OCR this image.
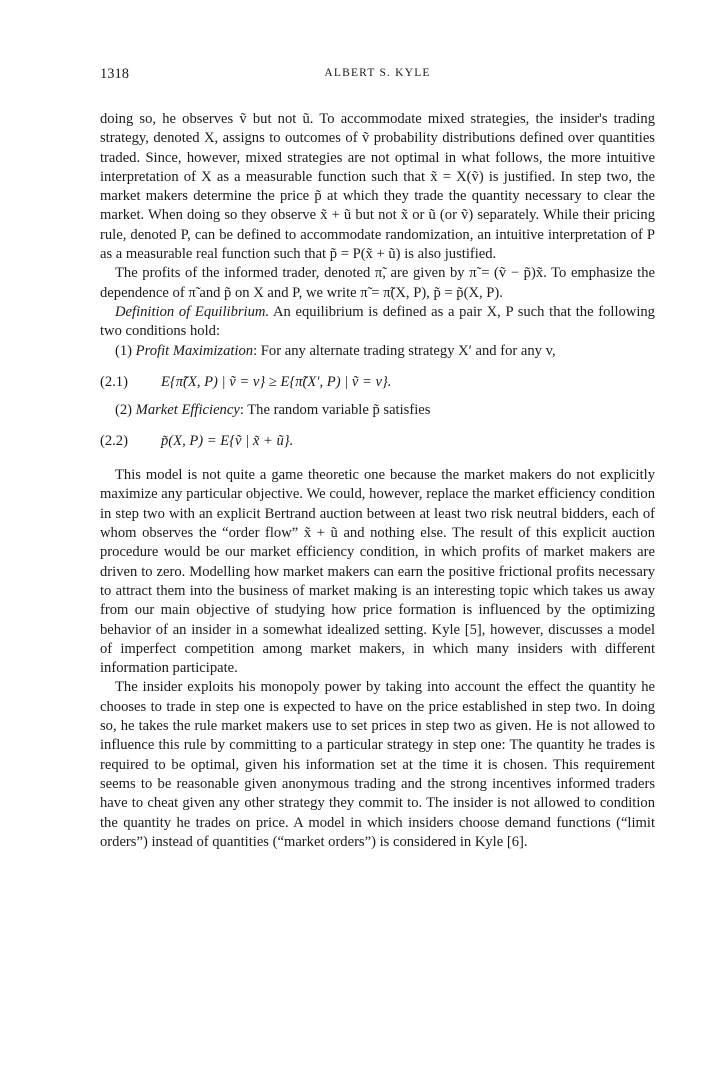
1318	ALBERT S. KYLE

doing so, he observes ṽ but not ũ. To accommodate mixed strategies, the insider's trading strategy, denoted X, assigns to outcomes of ṽ probability distributions defined over quantities traded. Since, however, mixed strategies are not optimal in what follows, the more intuitive interpretation of X as a measurable function such that x̃ = X(ṽ) is justified. In step two, the market makers determine the price p̃ at which they trade the quantity necessary to clear the market. When doing so they observe x̃ + ũ but not x̃ or ũ (or ṽ) separately. While their pricing rule, denoted P, can be defined to accommodate randomization, an intuitive interpretation of P as a measurable real function such that p̃ = P(x̃ + ũ) is also justified.

The profits of the informed trader, denoted π̃, are given by π̃ = (ṽ − p̃)x̃. To emphasize the dependence of π̃ and p̃ on X and P, we write π̃ = π̃(X, P), p̃ = p̃(X, P).

Definition of Equilibrium. An equilibrium is defined as a pair X, P such that the following two conditions hold:

(1) Profit Maximization: For any alternate trading strategy X′ and for any v,

(2.1) E{π̃(X, P) | ṽ = v} ≥ E{π̃(X′, P) | ṽ = v}.

(2) Market Efficiency: The random variable p̃ satisfies

(2.2) p̃(X, P) = E{ṽ | x̃ + ũ}.

This model is not quite a game theoretic one because the market makers do not explicitly maximize any particular objective. We could, however, replace the market efficiency condition in step two with an explicit Bertrand auction between at least two risk neutral bidders, each of whom observes the “order flow” x̃ + ũ and nothing else. The result of this explicit auction procedure would be our market efficiency condition, in which profits of market makers are driven to zero. Modelling how market makers can earn the positive frictional profits necessary to attract them into the business of market making is an interesting topic which takes us away from our main objective of studying how price formation is influenced by the optimizing behavior of an insider in a somewhat idealized setting. Kyle [5], however, discusses a model of imperfect competition among market makers, in which many insiders with different information participate.

The insider exploits his monopoly power by taking into account the effect the quantity he chooses to trade in step one is expected to have on the price established in step two. In doing so, he takes the rule market makers use to set prices in step two as given. He is not allowed to influence this rule by committing to a particular strategy in step one: The quantity he trades is required to be optimal, given his information set at the time it is chosen. This requirement seems to be reasonable given anonymous trading and the strong incentives informed traders have to cheat given any other strategy they commit to. The insider is not allowed to condition the quantity he trades on price. A model in which insiders choose demand functions (“limit orders”) instead of quantities (“market orders”) is considered in Kyle [6].
